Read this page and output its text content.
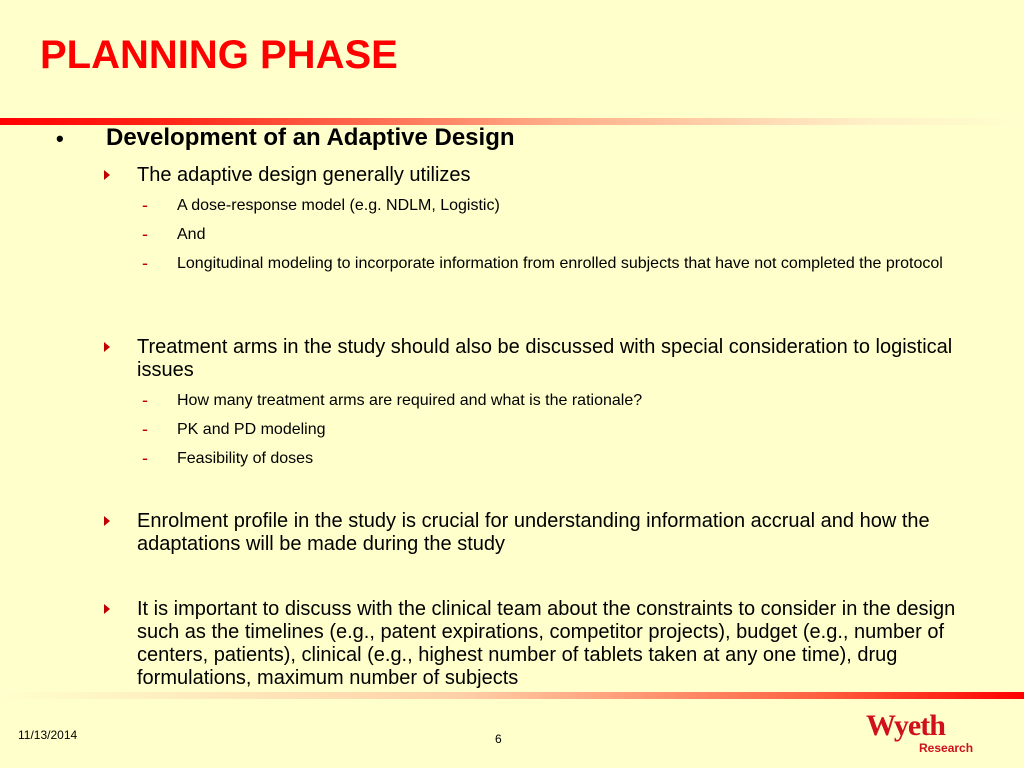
PLANNING PHASE
• Development of an Adaptive Design
The adaptive design generally utilizes
- A dose-response model (e.g. NDLM, Logistic)
- And
- Longitudinal modeling to incorporate information from enrolled subjects that have not completed the protocol
Treatment arms in the study should also be discussed with special consideration to logistical issues
- How many treatment arms are required and what is the rationale?
- PK and PD modeling
- Feasibility of doses
Enrolment profile in the study is crucial for understanding information accrual and how the adaptations will be made during the study
It is important to discuss with the clinical team about the constraints to consider in the design such as the timelines (e.g., patent expirations, competitor projects), budget (e.g., number of centers, patients), clinical (e.g., highest number of tablets taken at any one time), drug formulations, maximum number of subjects
11/13/2014	6	Wyeth
Research
